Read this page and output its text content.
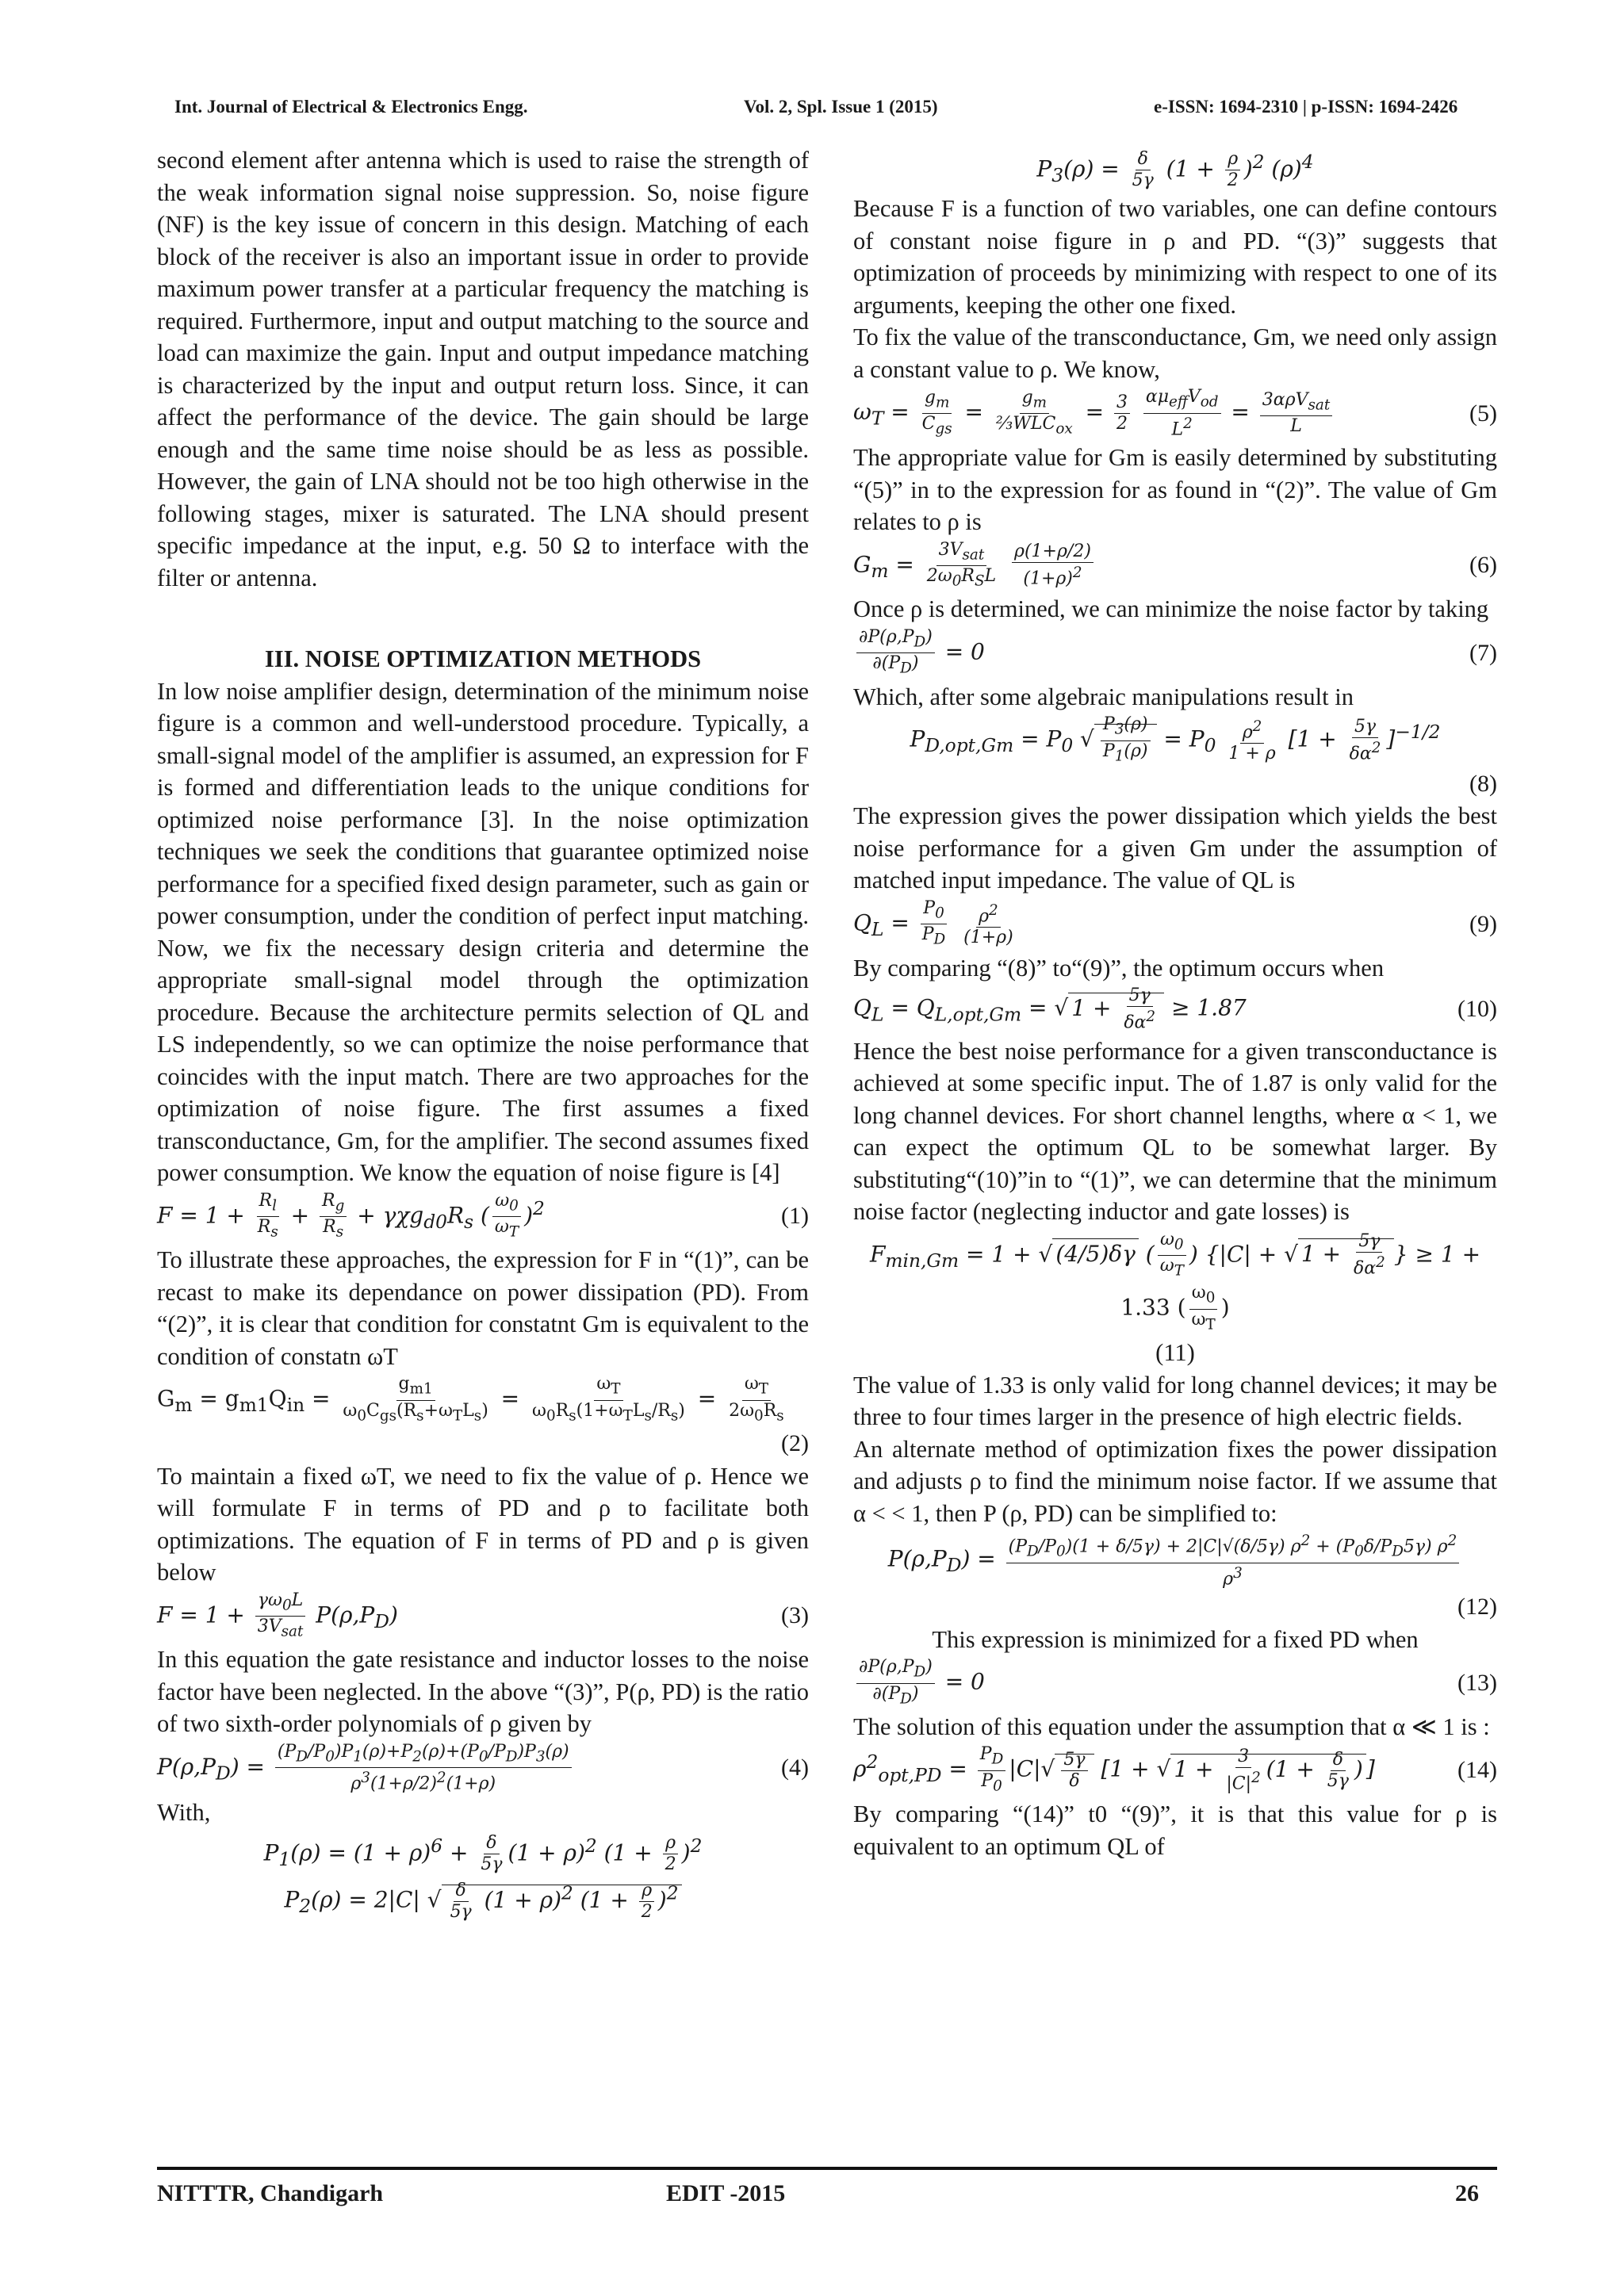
Int. Journal of Electrical & Electronics Engg.	Vol. 2, Spl. Issue 1 (2015)	e-ISSN: 1694-2310 | p-ISSN: 1694-2426

second element after antenna which is used to raise the strength of the weak information signal noise suppression. So, noise figure (NF) is the key issue of concern in this design. Matching of each block of the receiver is also an important issue in order to provide maximum power transfer at a particular frequency the matching is required. Furthermore, input and output matching to the source and load can maximize the gain. Input and output impedance matching is characterized by the input and output return loss. Since, it can affect the performance of the device. The gain should be large enough and the same time noise should be as less as possible. However, the gain of LNA should not be too high otherwise in the following stages, mixer is saturated. The LNA should present specific impedance at the input, e.g. 50 Ω to interface with the filter or antenna.

III. NOISE OPTIMIZATION METHODS

In low noise amplifier design, determination of the minimum noise figure is a common and well-understood procedure. Typically, a small-signal model of the amplifier is assumed, an expression for F is formed and differentiation leads to the unique conditions for optimized noise performance [3]. In the noise optimization techniques we seek the conditions that guarantee optimized noise performance for a specified fixed design parameter, such as gain or power consumption, under the condition of perfect input matching. Now, we fix the necessary design criteria and determine the appropriate small-signal model through the optimization procedure. Because the architecture permits selection of QL and LS independently, so we can optimize the noise performance that coincides with the input match. There are two approaches for the optimization of noise figure. The first assumes a fixed transconductance, Gm, for the amplifier. The second assumes fixed power consumption. We know the equation of noise figure is [4]

$F = 1 + \frac{R_l}{R_s} + \frac{R_g}{R_s} + \gamma\chi g_{d0}R_s$ ( $\frac{\omega_0}{\omega_T} )^2$	(1)

To illustrate these approaches, the expression for F in “(1)”, can be recast to make its dependance on power dissipation (PD). From “(2)”, it is clear that condition for constatnt Gm is equivalent to the condition of constatn ωT

$G_m = g_{m1}Q_{in} = \frac{g_{m1}}{\omega_0C_{gs}(R_s+\omega_TL_s)} = \frac{\omega_T}{\omega_0R_s(1+\omega_TL_s/R_s)} = \frac{\omega_T}{2\omega_0R_s}$
(2)

To maintain a fixed ωT, we need to fix the value of ρ. Hence we will formulate F in terms of PD and ρ to facilitate both optimizations. The equation of F in terms of PD and ρ is given below

$F = 1 + \frac{\gamma\omega_0L}{3V_{sat}} P(\rho,P_D)$	(3)

In this equation the gate resistance and inductor losses to the noise factor have been neglected. In the above “(3)”, P(ρ, PD) is the ratio of two sixth-order polynomials of ρ given by

$P(\rho,P_D) = \frac{(P_D/P_0)P_1(\rho)+P_2(\rho)+(P_0/P_D)P_3(\rho)}{\rho^3(1+\rho/2)^2(1+\rho)}$	(4)

With,

$P_1(\rho) = (1 + \rho)^6 + \frac{\delta}{5\gamma} (1 + \rho)^2$ $(1 + \frac{\rho}{2} )^2$
$P_2(\rho) = 2|C|$ √ $\frac{\delta}{5\gamma} (1 + \rho)^2$ $(1 + \frac{\rho}{2} )^2$
$P_3(\rho) = \frac{\delta}{5\gamma} (1 + \frac{\rho}{2} )^2$ $(\rho)^4$

Because F is a function of two variables, one can define contours of constant noise figure in ρ and PD. “(3)” suggests that optimization of proceeds by minimizing with respect to one of its arguments, keeping the other one fixed.

To fix the value of the transconductance, Gm, we need only assign a constant value to ρ. We know,

$\omega_T = \frac{g_m}{C_{gs}} = \frac{g_m}{\frac{2}{3}WLC_{ox}} = \frac{3}{2}$
$\frac{\alpha\mu_{eff}V_{od}}{L^2} = \frac{3\alpha\rho V_{sat}}{L}$	(5)

The appropriate value for Gm is easily determined by substituting “(5)” in to the expression for as found in “(2)”. The value of Gm relates to ρ is

$G_m = \frac{3V_{sat}}{2\omega_0R_SL}$
$\frac{\rho(1+\rho/2)}{(1+\rho)^2}$	(6)

Once ρ is determined, we can minimize the noise factor by taking

$\frac{\partial P(\rho,P_D)}{\partial(P_D)} = 0$	(7)

Which, after some algebraic manipulations result in

$P_{D,opt,Gm} = P_0$ √ $\frac{P_3(\rho)}{P_1(\rho)} = P_0 \frac{\rho^2}{1 + \rho} [1 + \frac{5\gamma}{\delta\alpha^2} ]^{-1/2}$
(8)

The expression gives the power dissipation which yields the best noise performance for a given Gm under the assumption of matched input impedance. The value of QL is

$Q_L = \frac{P_0}{P_D}$
$\frac{\rho^2}{(1+\rho)}$	(9)

By comparing “(8)” to“(9)”, the optimum occurs when

$Q_L = Q_{L,opt,Gm}$ = √ $1 + \frac{5\gamma}{\delta\alpha^2} \ge 1.87$	(10)

Hence the best noise performance for a given transconductance is achieved at some specific input. The of 1.87 is only valid for the long channel devices. For short channel lengths, where α < 1, we can expect the optimum QL to be somewhat larger. By substituting“(10)”in to “(1)”, we can determine that the minimum noise factor (neglecting inductor and gate losses) is

$F_{min,Gm} = 1$ + √ (4/5)δγ ( $\frac{\omega_0}{\omega_T}$ ) {|C| + √ $1 + \frac{5\gamma}{\delta\alpha^2}$ } ≥ 1 +
1.33 ( $\frac{\omega_0}{\omega_T}$ )
(11)

The value of 1.33 is only valid for long channel devices; it may be three to four times larger in the presence of high electric fields.

An alternate method of optimization fixes the power dissipation and adjusts ρ to find the minimum noise factor. If we assume that α < < 1, then P (ρ, PD) can be simplified to:

$P(\rho,P_D) = \frac{(P_D/P_0)(1 + \delta/5\gamma) + 2|C|√(\delta/5\gamma) \rho^2 + (P_0\delta/P_D5\gamma) \rho^2}{\rho^3}$
(12)

This expression is minimized for a fixed PD when

$\frac{\partial P(\rho,P_D)}{\partial(P_D)} = 0$	(13)

The solution of this equation under the assumption that α ≪ 1 is :

$\rho^2_{opt,PD} = \frac{P_D}{P_0} |C|√ \frac{5\gamma}{\delta} [1$ + √ $1 + \frac{3}{|C|^2} (1 + \frac{\delta}{5\gamma}$ ) ]	(14)

By comparing “(14)” t0 “(9)”, it is that this value for ρ is equivalent to an optimum QL of

NITTTR, Chandigarh	EDIT -2015	26
